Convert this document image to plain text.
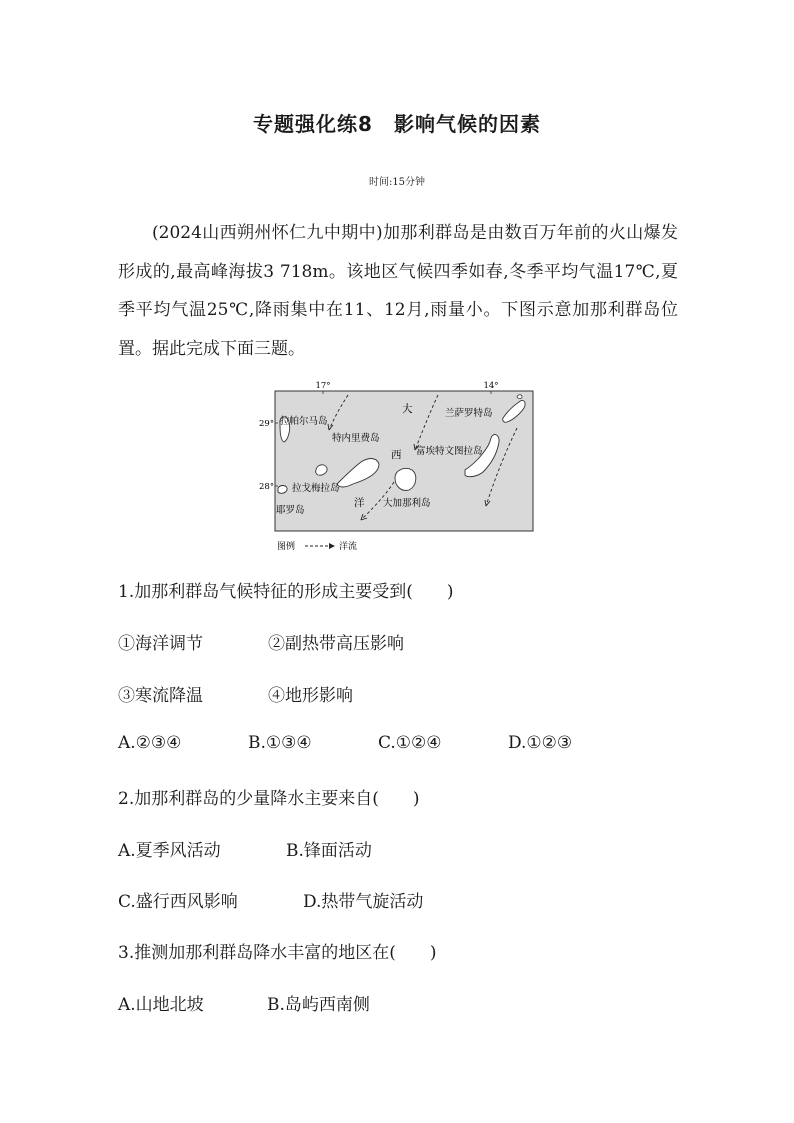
专题强化练8　影响气候的因素

时间:15分钟

(2024山西朔州怀仁九中期中)加那利群岛是由数百万年前的火山爆发形成的,最高峰海拔3 718m。该地区气候四季如春,冬季平均气温17℃,夏季平均气温25℃,降雨集中在11、12月,雨量小。下图示意加那利群岛位置。据此完成下面三题。

17°	14°
29°
28°
拉帕尔马岛
特内里费岛
兰萨罗特岛
富埃特文图拉岛
拉戈梅拉岛
耶罗岛
大加那利岛
大
西
洋
图例	洋流

1.加那利群岛气候特征的形成主要受到(　　)

①海洋调节	②副热带高压影响
③寒流降温	④地形影响
A.②③④	B.①③④	C.①②④	D.①②③

2.加那利群岛的少量降水主要来自(　　)

A.夏季风活动	B.锋面活动
C.盛行西风影响	D.热带气旋活动

3.推测加那利群岛降水丰富的地区在(　　)

A.山地北坡	B.岛屿西南侧
